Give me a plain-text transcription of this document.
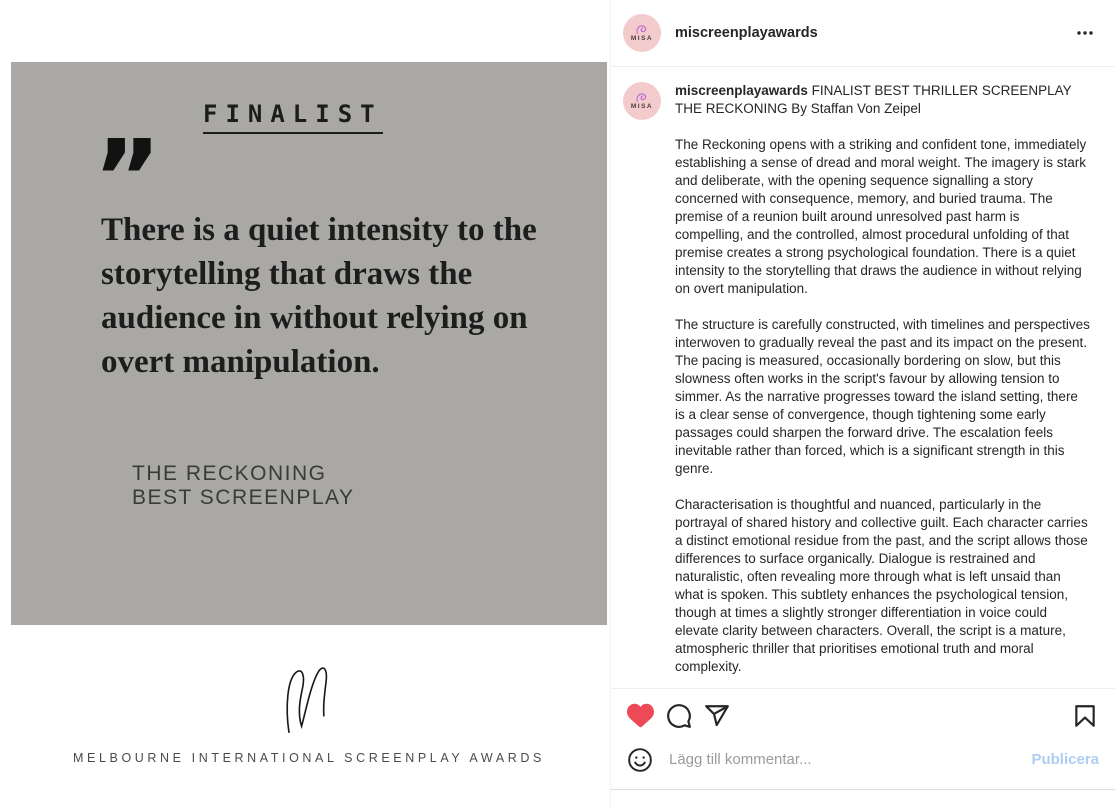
FINALIST
”
There is a quiet intensity to the storytelling that draws the audience in without relying on overt manipulation.
THE RECKONING
BEST SCREENPLAY
MELBOURNE INTERNATIONAL SCREENPLAY AWARDS
MISA miscreenplayawards
MISA
miscreenplayawards FINALIST BEST THRILLER SCREENPLAY THE RECKONING By Staffan Von Zeipel

The Reckoning opens with a striking and confident tone, immediately establishing a sense of dread and moral weight. The imagery is stark and deliberate, with the opening sequence signalling a story concerned with consequence, memory, and buried trauma. The premise of a reunion built around unresolved past harm is compelling, and the controlled, almost procedural unfolding of that premise creates a strong psychological foundation. There is a quiet intensity to the storytelling that draws the audience in without relying on overt manipulation.

The structure is carefully constructed, with timelines and perspectives interwoven to gradually reveal the past and its impact on the present. The pacing is measured, occasionally bordering on slow, but this slowness often works in the script's favour by allowing tension to simmer. As the narrative progresses toward the island setting, there is a clear sense of convergence, though tightening some early passages could sharpen the forward drive. The escalation feels inevitable rather than forced, which is a significant strength in this genre.

Characterisation is thoughtful and nuanced, particularly in the portrayal of shared history and collective guilt. Each character carries a distinct emotional residue from the past, and the script allows those differences to surface organically. Dialogue is restrained and naturalistic, often revealing more through what is left unsaid than what is spoken. This subtlety enhances the psychological tension, though at times a slightly stronger differentiation in voice could elevate clarity between characters. Overall, the script is a mature, atmospheric thriller that prioritises emotional truth and moral complexity.

Lägg till kommentar...
Publicera
